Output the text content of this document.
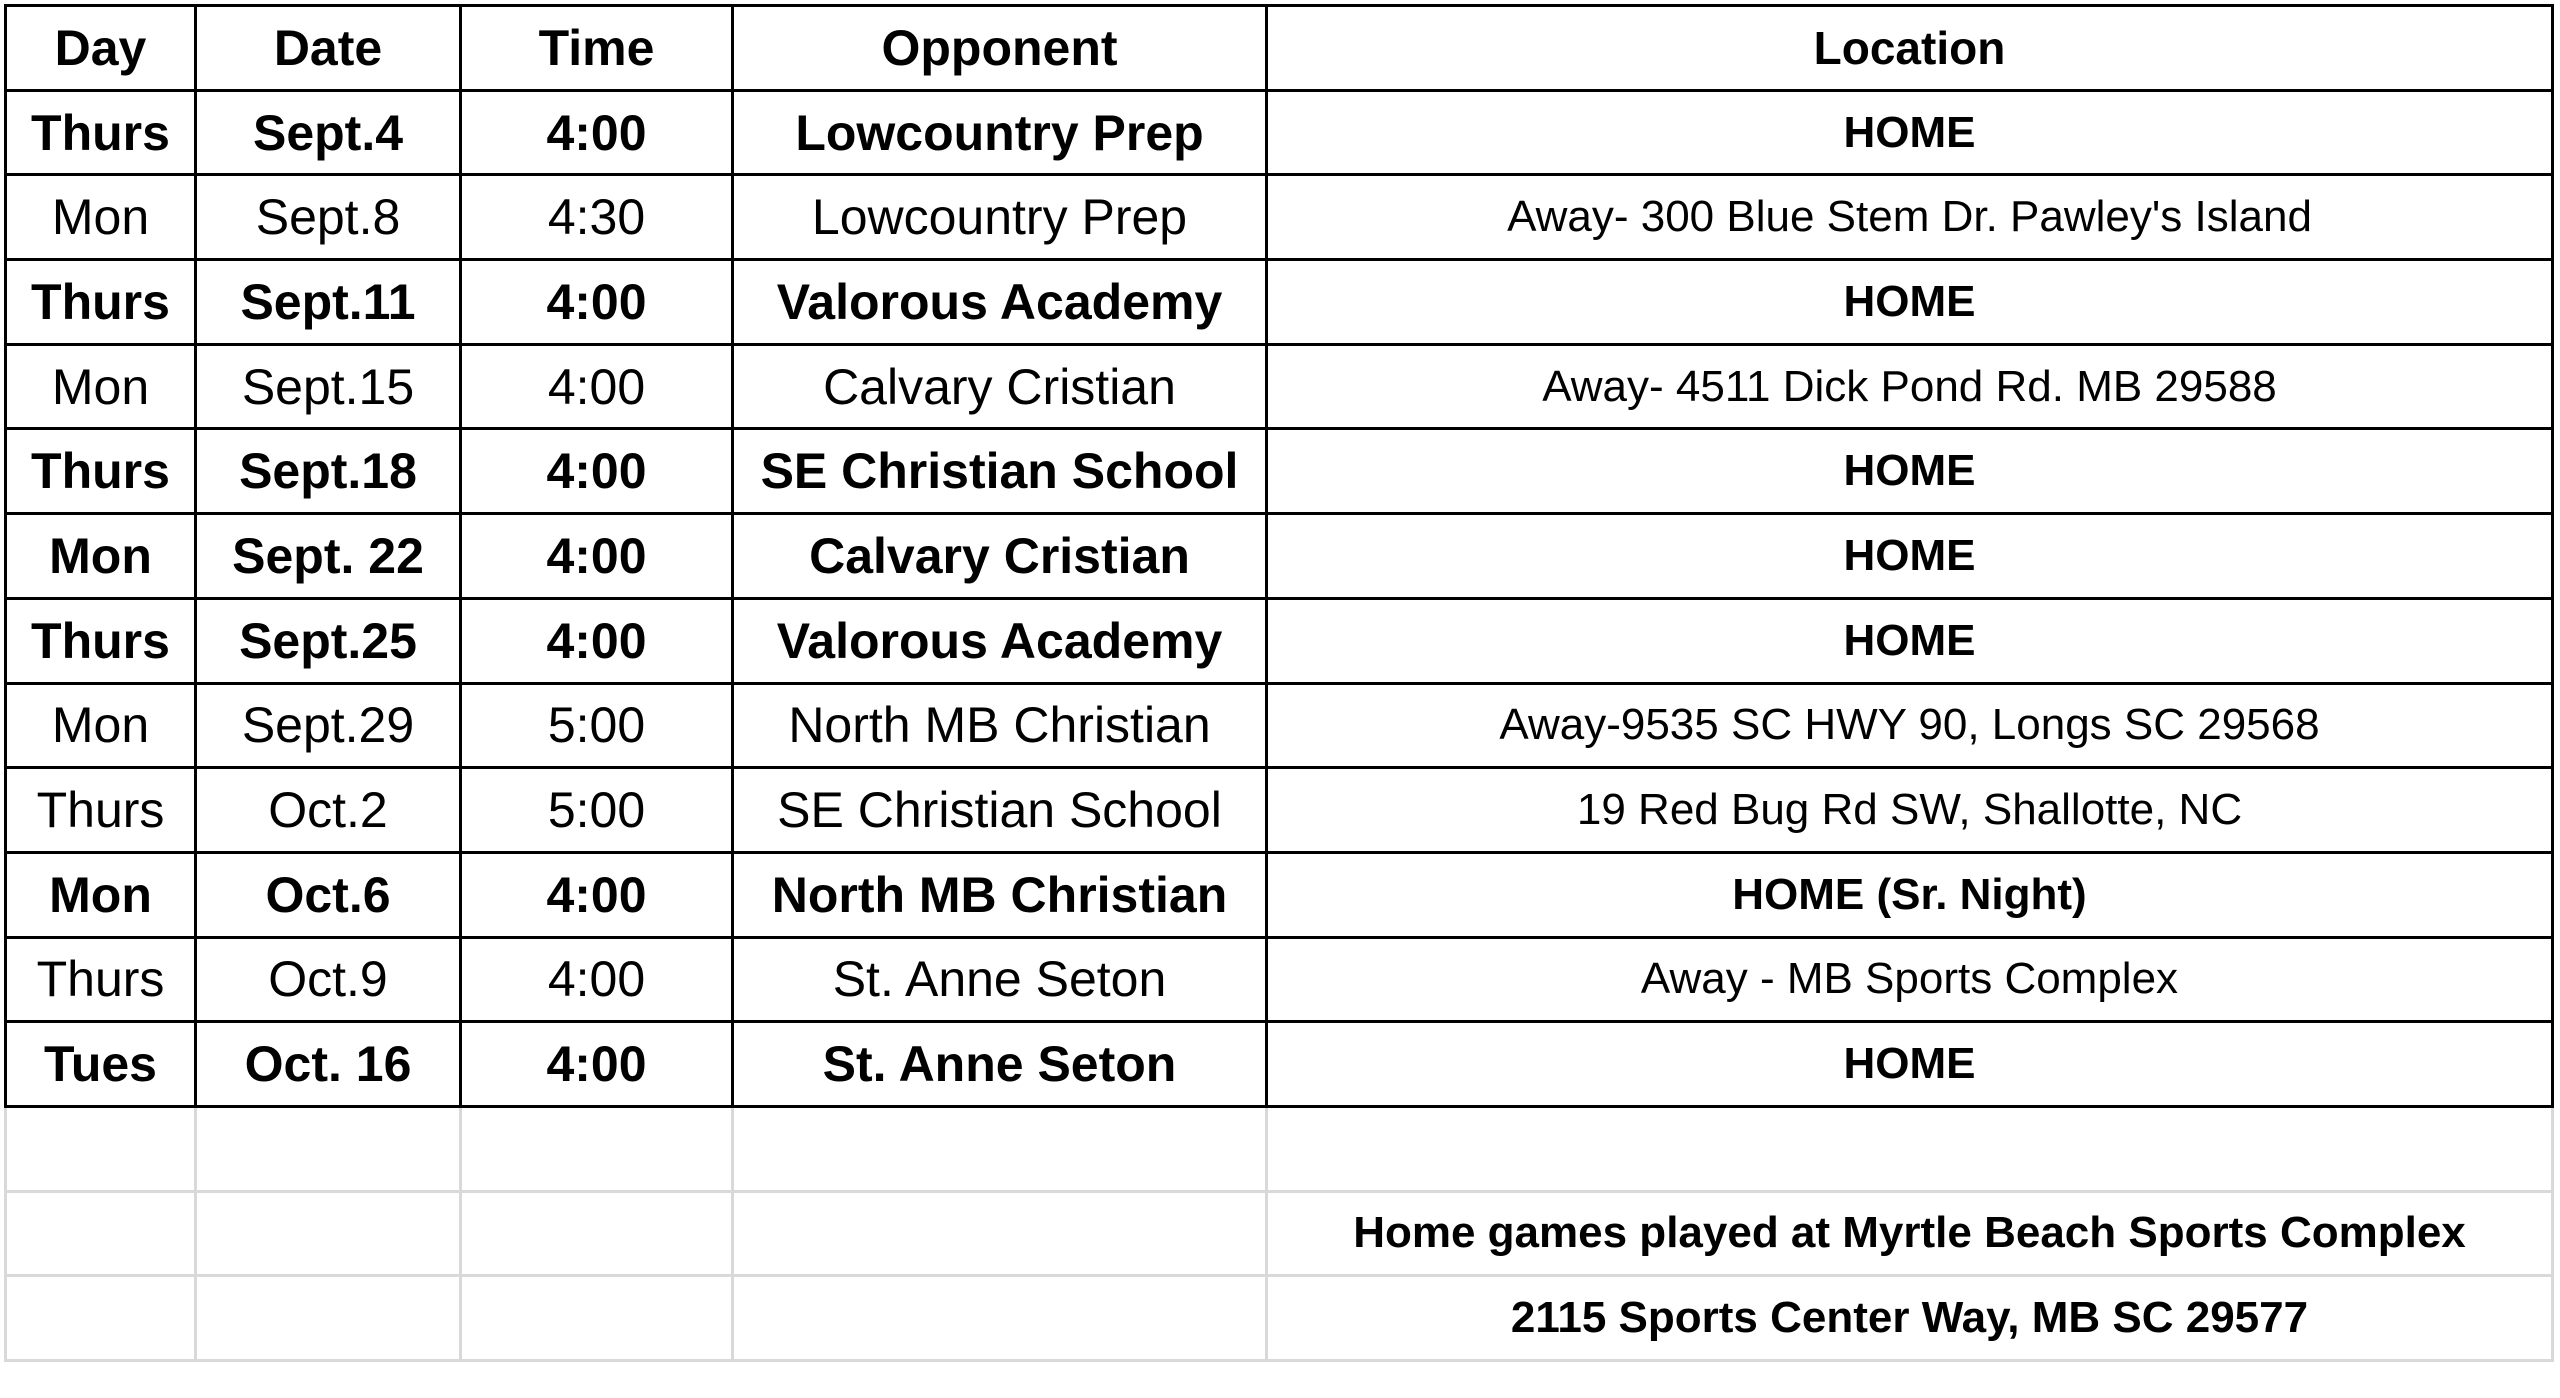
Day	Date	Time	Opponent	Location
Thurs	Sept.4	4:00	Lowcountry Prep	HOME
Mon	Sept.8	4:30	Lowcountry Prep	Away- 300 Blue Stem Dr. Pawley's Island
Thurs	Sept.11	4:00	Valorous Academy	HOME
Mon	Sept.15	4:00	Calvary Cristian	Away- 4511 Dick Pond Rd. MB 29588
Thurs	Sept.18	4:00	SE Christian School	HOME
Mon	Sept. 22	4:00	Calvary Cristian	HOME
Thurs	Sept.25	4:00	Valorous Academy	HOME
Mon	Sept.29	5:00	North MB Christian	Away-9535 SC HWY 90, Longs SC 29568
Thurs	Oct.2	5:00	SE Christian School	19 Red Bug Rd SW, Shallotte, NC
Mon	Oct.6	4:00	North MB Christian	HOME (Sr. Night)
Thurs	Oct.9	4:00	St. Anne Seton	Away - MB Sports Complex
Tues	Oct. 16	4:00	St. Anne Seton	HOME

				Home games played at Myrtle Beach Sports Complex
				2115 Sports Center Way, MB SC 29577
